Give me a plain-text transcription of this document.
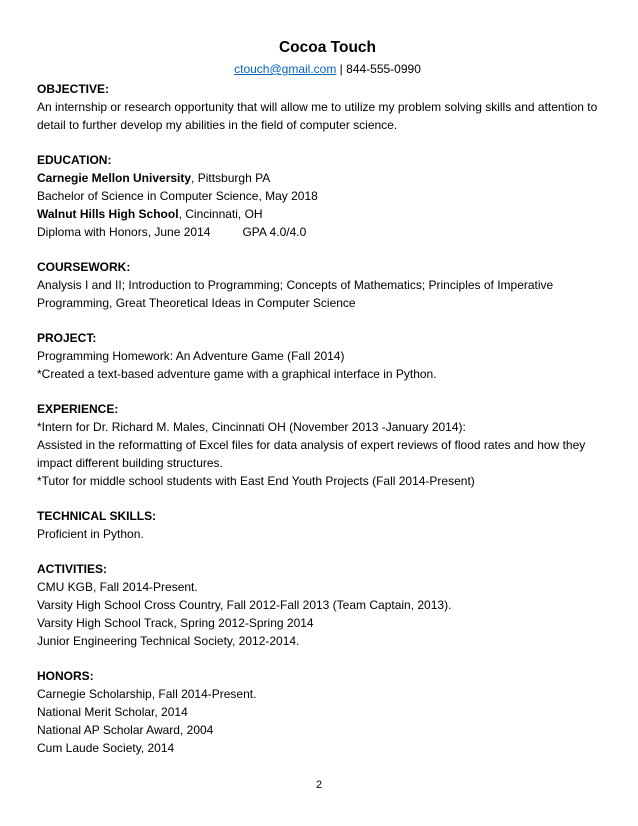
Cocoa Touch

ctouch@gmail.com | 844-555-0990

OBJECTIVE:

An internship or research opportunity that will allow me to utilize my problem solving skills and attention to detail to further develop my abilities in the field of computer science.

EDUCATION:

Carnegie Mellon University, Pittsburgh PA

Bachelor of Science in Computer Science, May 2018

Walnut Hills High School, Cincinnati, OH

Diploma with Honors, June 2014	GPA 4.0/4.0

COURSEWORK:

Analysis I and II; Introduction to Programming; Concepts of Mathematics; Principles of Imperative Programming, Great Theoretical Ideas in Computer Science

PROJECT:

Programming Homework: An Adventure Game (Fall 2014)

*Created a text-based adventure game with a graphical interface in Python.

EXPERIENCE:

*Intern for Dr. Richard M. Males, Cincinnati OH (November 2013 -January 2014):

Assisted in the reformatting of Excel files for data analysis of expert reviews of flood rates and how they impact different building structures.

*Tutor for middle school students with East End Youth Projects (Fall 2014-Present)

TECHNICAL SKILLS:

Proficient in Python.

ACTIVITIES:

CMU KGB, Fall 2014-Present.

Varsity High School Cross Country, Fall 2012-Fall 2013 (Team Captain, 2013).

Varsity High School Track, Spring 2012-Spring 2014

Junior Engineering Technical Society, 2012-2014.

HONORS:

Carnegie Scholarship, Fall 2014-Present.

National Merit Scholar, 2014

National AP Scholar Award, 2004

Cum Laude Society, 2014

2
